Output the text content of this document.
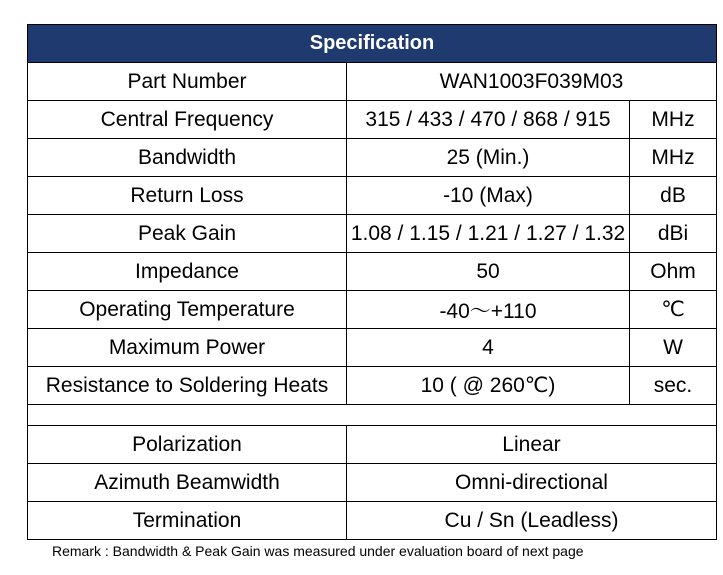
Specification		
Part Number	WAN1003F039M03	
Central Frequency	315 / 433 / 470 / 868 / 915	MHz
Bandwidth	25 (Min.)	MHz
Return Loss	-10 (Max)	dB
Peak Gain	1.08 / 1.15 / 1.21 / 1.27 / 1.32	dBi
Impedance	50	Ohm
Operating Temperature	-40～+110	℃
Maximum Power	4	W
Resistance to Soldering Heats	10 ( @ 260℃)	sec.

Polarization	Linear	
Azimuth Beamwidth	Omni-directional	
Termination	Cu / Sn (Leadless)	
Remark : Bandwidth & Peak Gain was measured under evaluation board of next page
